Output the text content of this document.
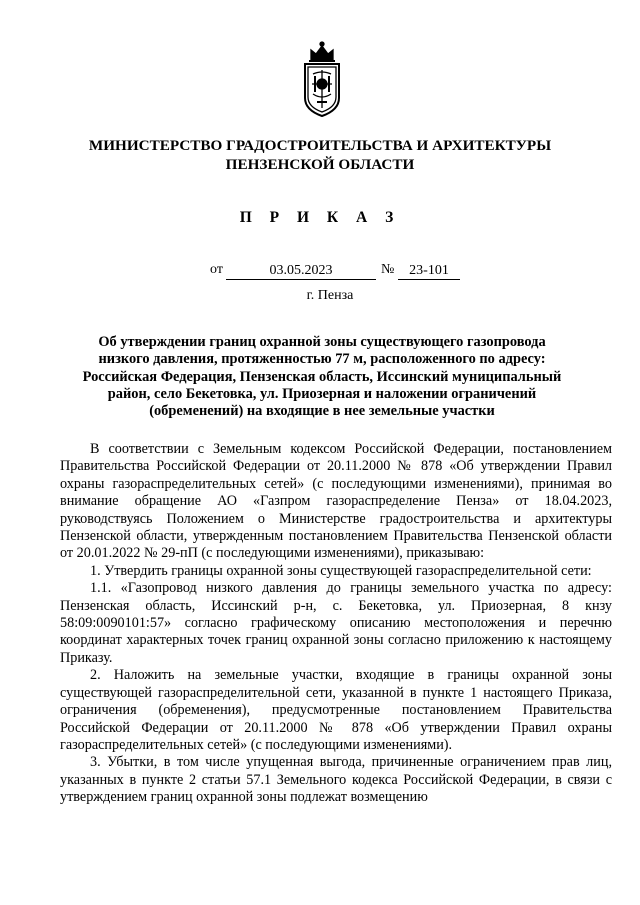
МИНИСТЕРСТВО ГРАДОСТРОИТЕЛЬСТВА И АРХИТЕКТУРЫ
ПЕНЗЕНСКОЙ ОБЛАСТИ
П Р И К А З
от	03.05.2023	№	23-101
г. Пенза
Об утверждении границ охранной зоны существующего газопровода низкого давления, протяженностью 77 м, расположенного по адресу: Российская Федерация, Пензенская область, Иссинский муниципальный район, село Бекетовка, ул. Приозерная и наложении ограничений (обременений) на входящие в нее земельные участки

В соответствии с Земельным кодексом Российской Федерации, постановлением Правительства Российской Федерации от 20.11.2000 № 878 «Об утверждении Правил охраны газораспределительных сетей» (с последующими изменениями), принимая во внимание обращение АО «Газпром газораспределение Пенза» от 18.04.2023, руководствуясь Положением о Министерстве градостроительства и архитектуры Пензенской области, утвержденным постановлением Правительства Пензенской области от 20.01.2022 № 29-пП (с последующими изменениями), приказываю:

1. Утвердить границы охранной зоны существующей газораспределительной сети:

1.1. «Газопровод низкого давления до границы земельного участка по адресу: Пензенская область, Иссинский р-н, с. Бекетовка, ул. Приозерная, 8 кнзу 58:09:0090101:57» согласно графическому описанию местоположения и перечню координат характерных точек границ охранной зоны согласно приложению к настоящему Приказу.

2. Наложить на земельные участки, входящие в границы охранной зоны существующей газораспределительной сети, указанной в пункте 1 настоящего Приказа, ограничения (обременения), предусмотренные постановлением Правительства Российской Федерации от 20.11.2000 № 878 «Об утверждении Правил охраны газораспределительных сетей» (с последующими изменениями).

3. Убытки, в том числе упущенная выгода, причиненные ограничением прав лиц, указанных в пункте 2 статьи 57.1 Земельного кодекса Российской Федерации, в связи с утверждением границ охранной зоны подлежат возмещению
